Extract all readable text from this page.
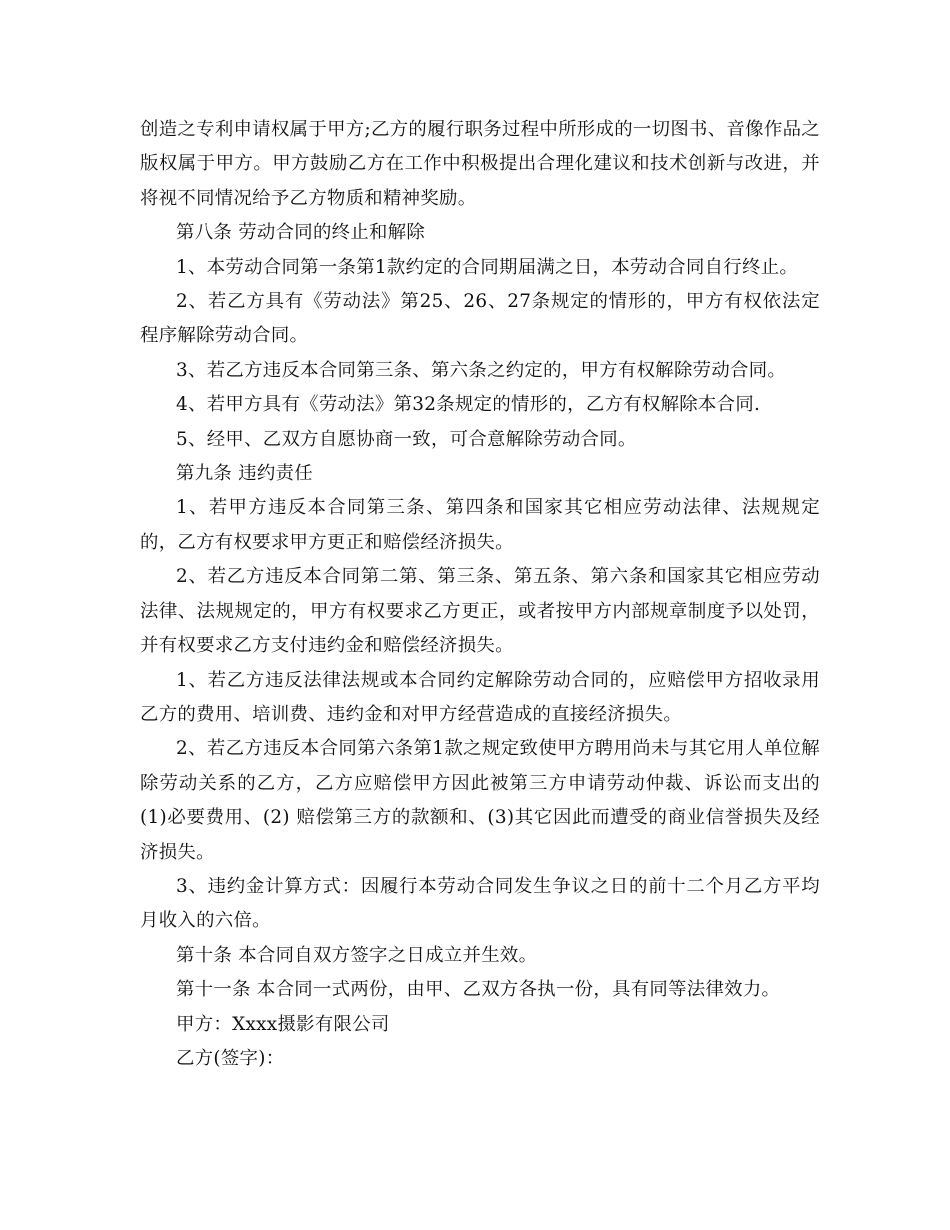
创造之专利申请权属于甲方;乙方的履行职务过程中所形成的一切图书、音像作品之版权属于甲方。甲方鼓励乙方在工作中积极提出合理化建议和技术创新与改进，并将视不同情况给予乙方物质和精神奖励。

第八条 劳动合同的终止和解除

1、本劳动合同第一条第1款约定的合同期届满之日，本劳动合同自行终止。

2、若乙方具有《劳动法》第25、26、27条规定的情形的，甲方有权依法定程序解除劳动合同。

3、若乙方违反本合同第三条、第六条之约定的，甲方有权解除劳动合同。

4、若甲方具有《劳动法》第32条规定的情形的，乙方有权解除本合同.

5、经甲、乙双方自愿协商一致，可合意解除劳动合同。

第九条 违约责任

1、若甲方违反本合同第三条、第四条和国家其它相应劳动法律、法规规定的，乙方有权要求甲方更正和赔偿经济损失。

2、若乙方违反本合同第二第、第三条、第五条、第六条和国家其它相应劳动法律、法规规定的，甲方有权要求乙方更正，或者按甲方内部规章制度予以处罚，并有权要求乙方支付违约金和赔偿经济损失。

1、若乙方违反法律法规或本合同约定解除劳动合同的，应赔偿甲方招收录用乙方的费用、培训费、违约金和对甲方经营造成的直接经济损失。

2、若乙方违反本合同第六条第1款之规定致使甲方聘用尚未与其它用人单位解除劳动关系的乙方，乙方应赔偿甲方因此被第三方申请劳动仲裁、诉讼而支出的(1)必要费用、(2) 赔偿第三方的款额和、(3)其它因此而遭受的商业信誉损失及经济损失。

3、违约金计算方式：因履行本劳动合同发生争议之日的前十二个月乙方平均月收入的六倍。

第十条 本合同自双方签字之日成立并生效。

第十一条 本合同一式两份，由甲、乙双方各执一份，具有同等法律效力。

甲方：Xxxx摄影有限公司

乙方(签字)：
